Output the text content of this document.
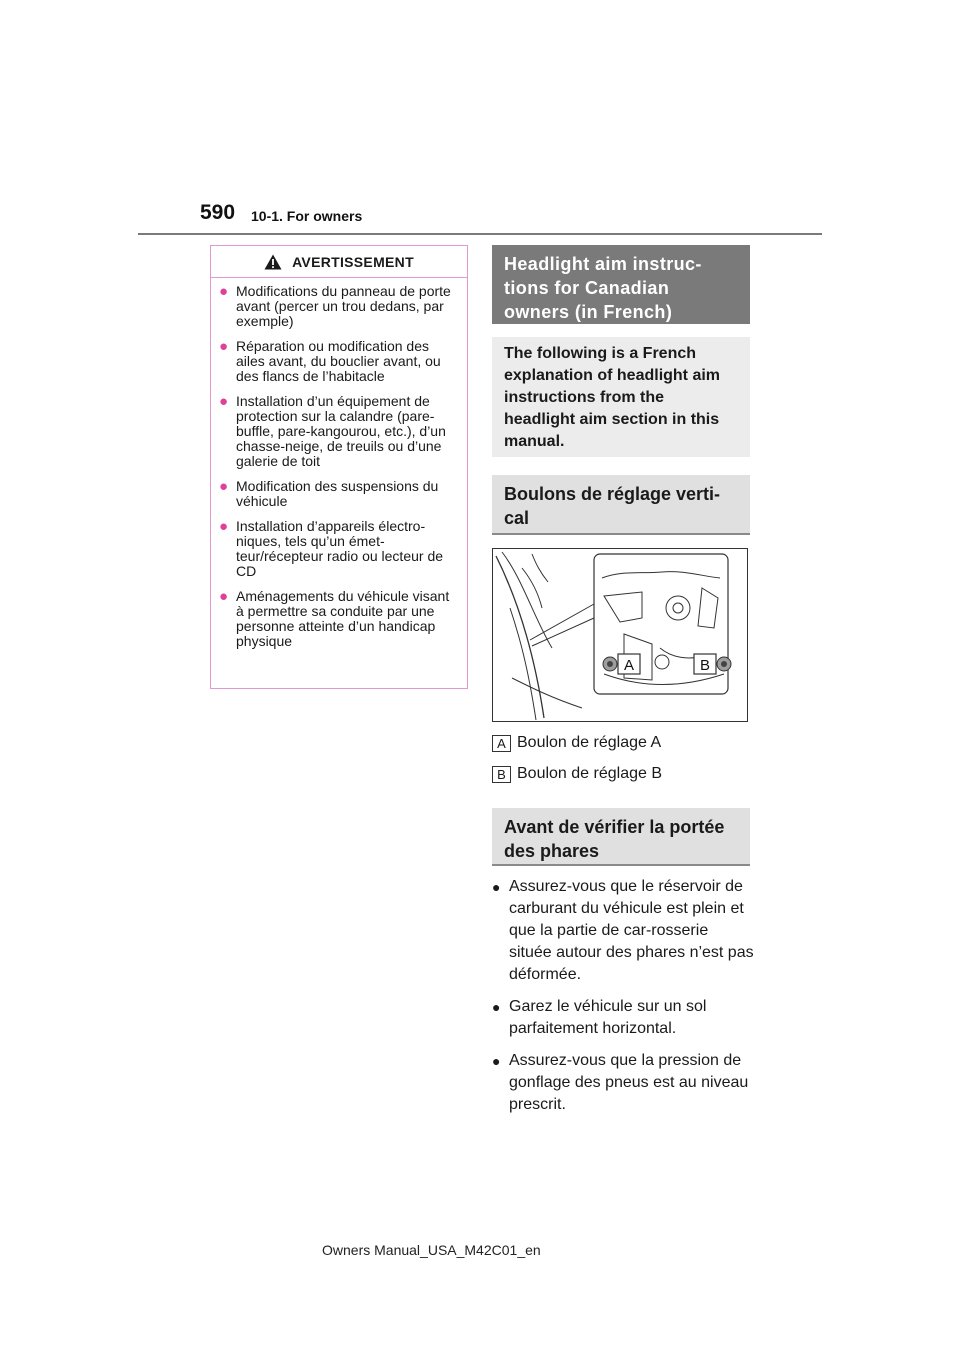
590 10-1. For owners
AVERTISSEMENT
● Modifications du panneau de porte avant (percer un trou dedans, par exemple)
● Réparation ou modification des ailes avant, du bouclier avant, ou des flancs de l’habitacle
● Installation d’un équipement de protection sur la calandre (pare-buffle, pare-kangourou, etc.), d’un chasse-neige, de treuils ou d’une galerie de toit
● Modification des suspensions du véhicule
● Installation d’appareils électro-niques, tels qu’un émet-teur/récepteur radio ou lecteur de CD
● Aménagements du véhicule visant à permettre sa conduite par une personne atteinte d’un handicap physique
Headlight aim instruc-tions for Canadian owners (in French)
The following is a French explanation of headlight aim instructions from the headlight aim section in this manual.
Boulons de réglage verti-cal
A	B
A Boulon de réglage A
B Boulon de réglage B
Avant de vérifier la portée des phares
● Assurez-vous que le réservoir de carburant du véhicule est plein et que la partie de car-rosserie située autour des phares n’est pas déformée.
● Garez le véhicule sur un sol parfaitement horizontal.
● Assurez-vous que la pression de gonflage des pneus est au niveau prescrit.
Owners Manual_USA_M42C01_en
